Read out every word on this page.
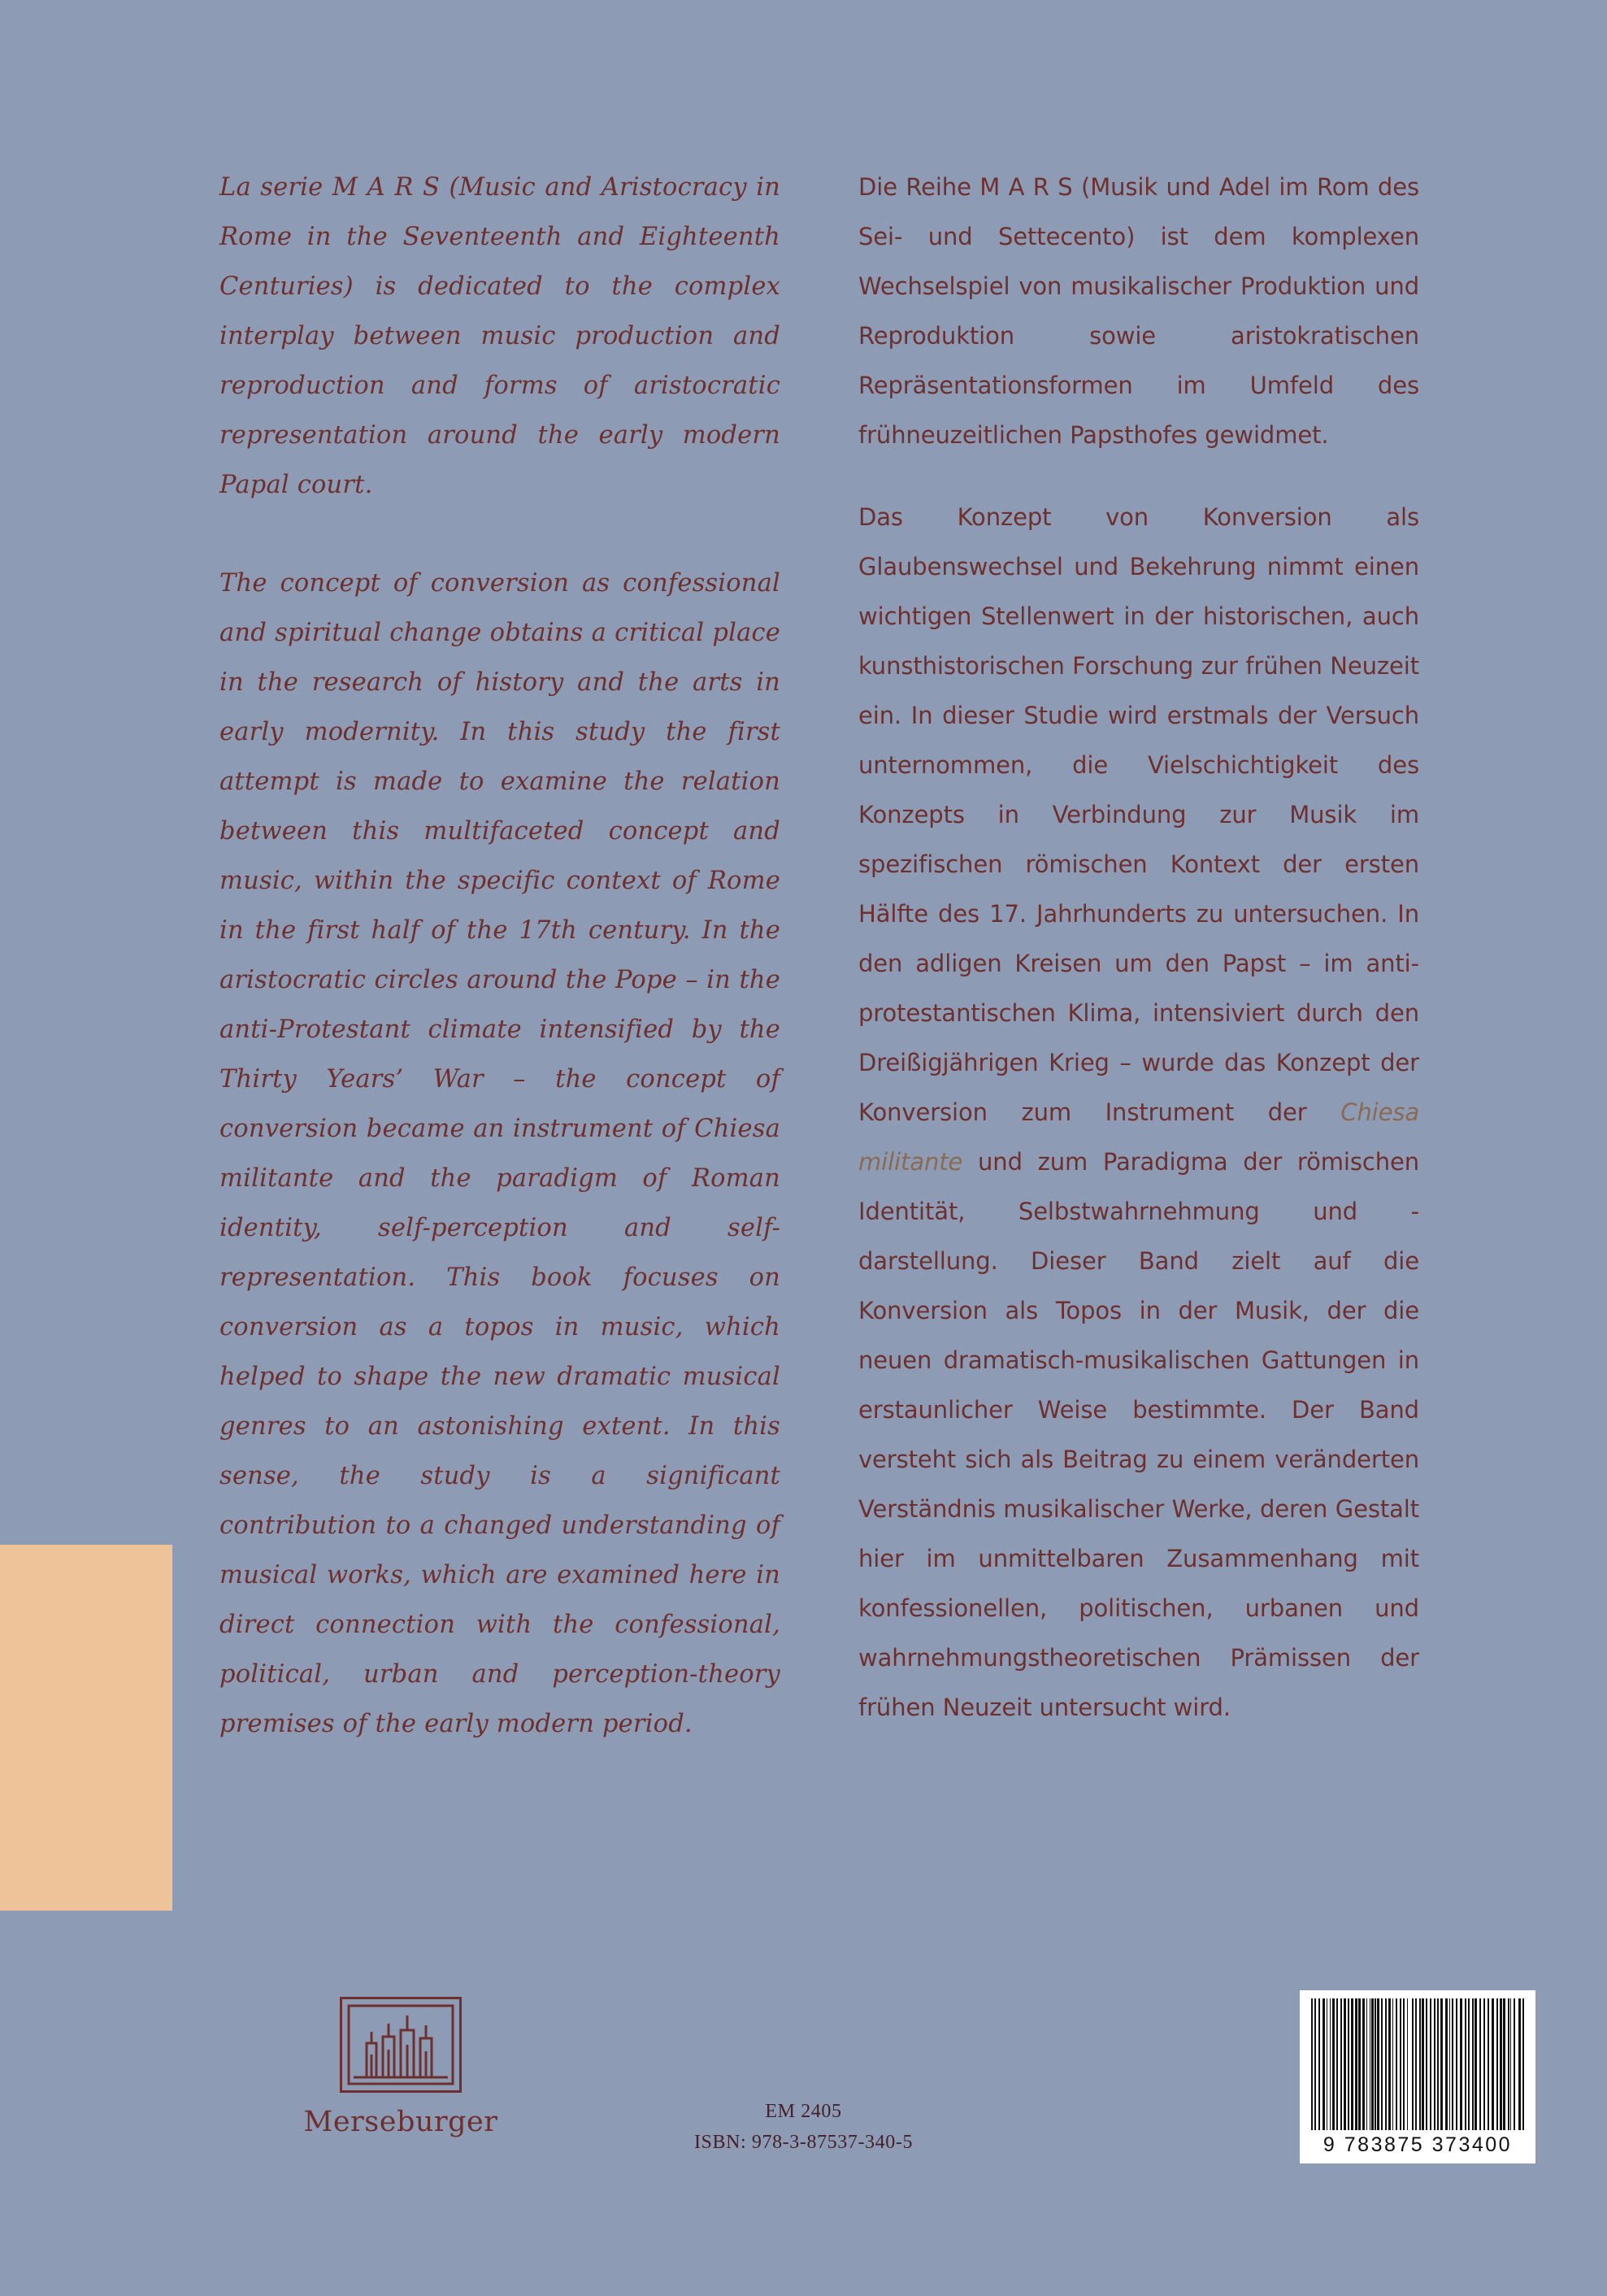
La serie M A R S (Music and Aristocracy in Rome in the Seventeenth and Eighteenth Centuries) is dedicated to the complex interplay between music production and reproduction and forms of aristocratic representation around the early modern Papal court.

The concept of conversion as confessional and spiritual change obtains a critical place in the research of history and the arts in early modernity. In this study the first attempt is made to examine the relation between this multifaceted concept and music, within the specific context of Rome in the first half of the 17th century. In the aristocratic circles around the Pope – in the anti-Protestant climate intensified by the Thirty Years’ War – the concept of conversion became an instrument of Chiesa militante and the paradigm of Roman identity, self-perception and self-representation. This book focuses on conversion as a topos in music, which helped to shape the new dramatic musical genres to an astonishing extent. In this sense, the study is a significant contribution to a changed understanding of musical works, which are examined here in direct connection with the confessional, political, urban and perception-theory premises of the early modern period.

Die Reihe M A R S (Musik und Adel im Rom des Sei- und Settecento) ist dem komplexen Wechselspiel von musikalischer Produktion und Reproduktion sowie aristokratischen Repräsentationsformen im Umfeld des frühneuzeitlichen Papsthofes gewidmet.

Das Konzept von Konversion als Glaubenswechsel und Bekehrung nimmt einen wichtigen Stellenwert in der historischen, auch kunsthistorischen Forschung zur frühen Neuzeit ein. In dieser Studie wird erstmals der Versuch unternommen, die Vielschichtigkeit des Konzepts in Verbindung zur Musik im spezifischen römischen Kontext der ersten Hälfte des 17. Jahrhunderts zu untersuchen. In den adligen Kreisen um den Papst – im anti-protestantischen Klima, intensiviert durch den Dreißigjährigen Krieg – wurde das Konzept der Konversion zum Instrument der Chiesa militante und zum Paradigma der römischen Identität, Selbstwahrnehmung und -darstellung. Dieser Band zielt auf die Konversion als Topos in der Musik, der die neuen dramatisch-musikalischen Gattungen in erstaunlicher Weise bestimmte. Der Band versteht sich als Beitrag zu einem veränderten Verständnis musikalischer Werke, deren Gestalt hier im unmittelbaren Zusammenhang mit konfessionellen, politischen, urbanen und wahrnehmungstheoretischen Prämissen der frühen Neuzeit untersucht wird.

Merseburger	EM 2405
ISBN: 978-3-87537-340-5	9 783875 373400
